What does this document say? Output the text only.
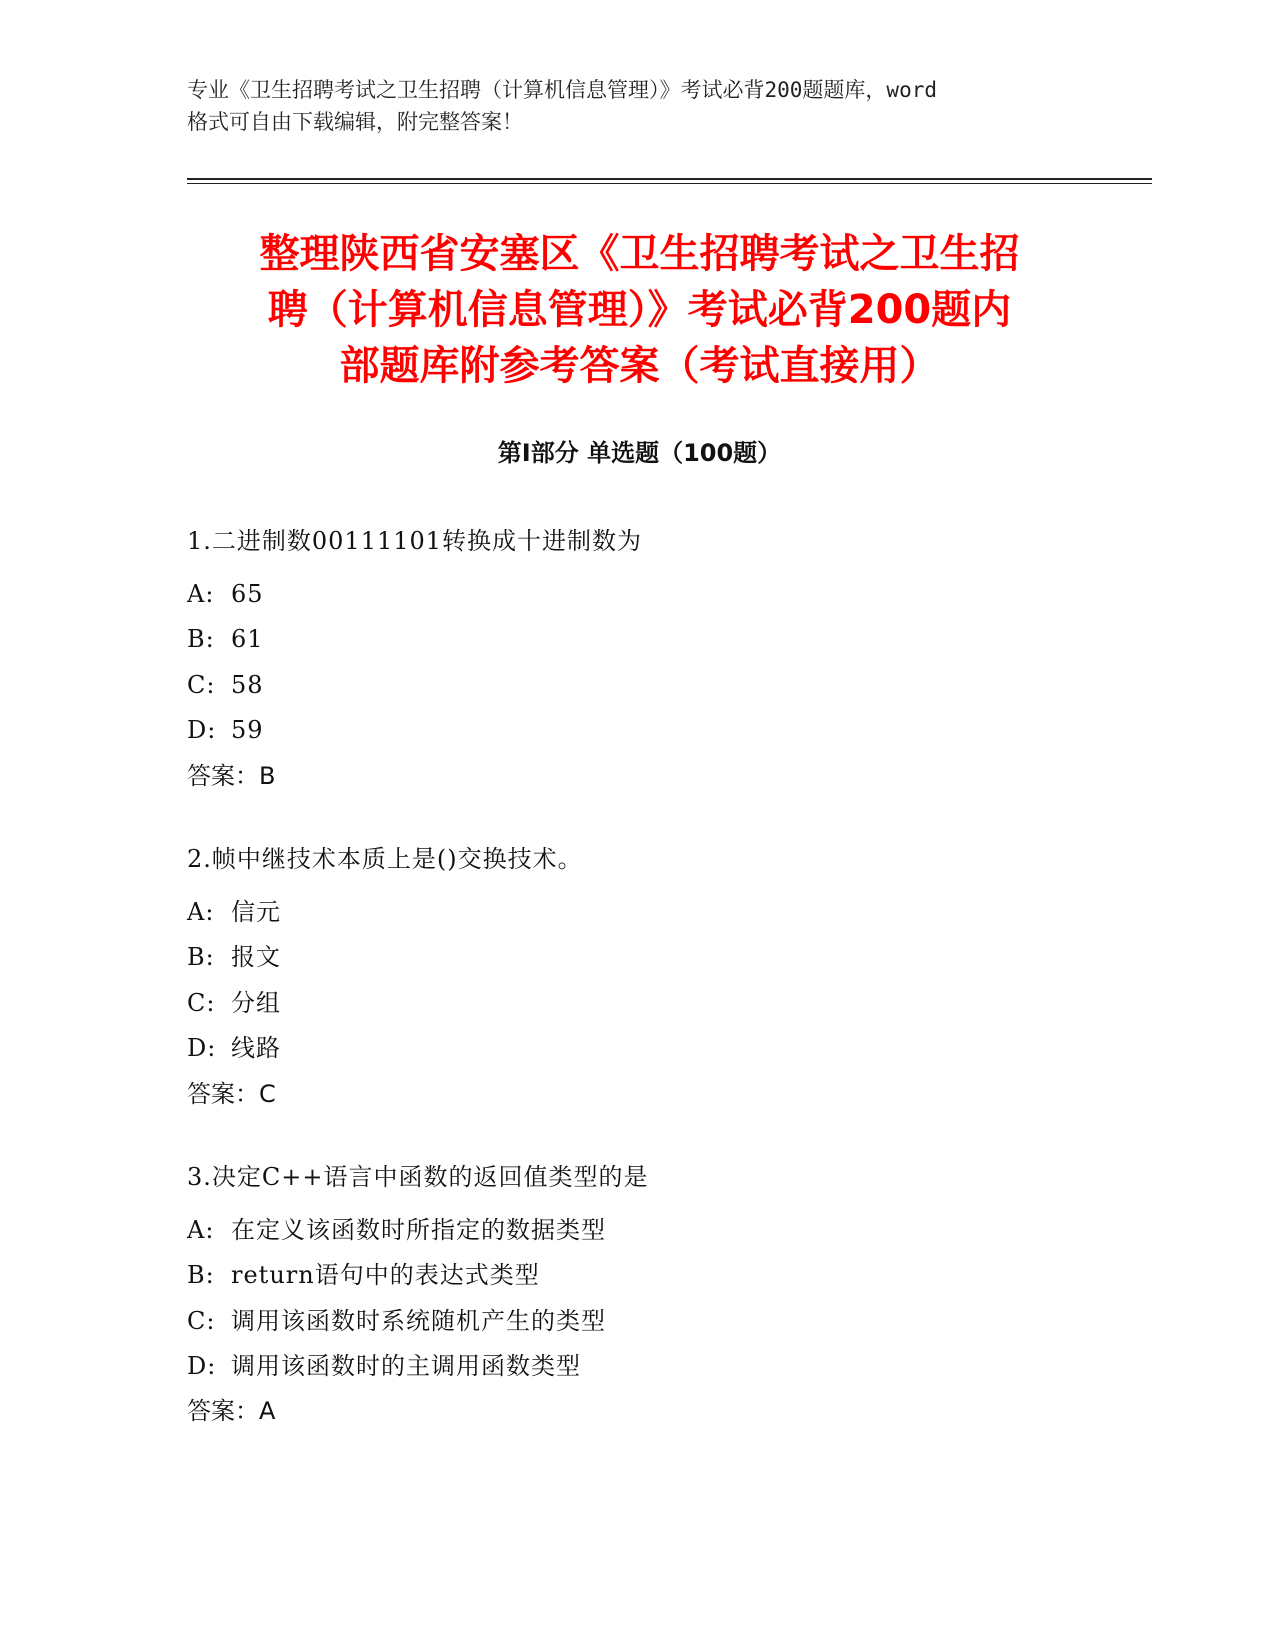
专业《卫生招聘考试之卫生招聘（计算机信息管理）》考试必背200题题库，word
格式可自由下载编辑，附完整答案！
整理陕西省安塞区《卫生招聘考试之卫生招
聘（计算机信息管理）》考试必背200题内
部题库附参考答案（考试直接用）
第Ⅰ部分 单选题（100题）
1.二进制数00111101转换成十进制数为
A: 65
B: 61
C: 58
D: 59
答案：B
2.帧中继技术本质上是()交换技术。
A: 信元
B: 报文
C: 分组
D: 线路
答案：C
3.决定C++语言中函数的返回值类型的是
A: 在定义该函数时所指定的数据类型
B: return语句中的表达式类型
C: 调用该函数时系统随机产生的类型
D: 调用该函数时的主调用函数类型
答案：A
